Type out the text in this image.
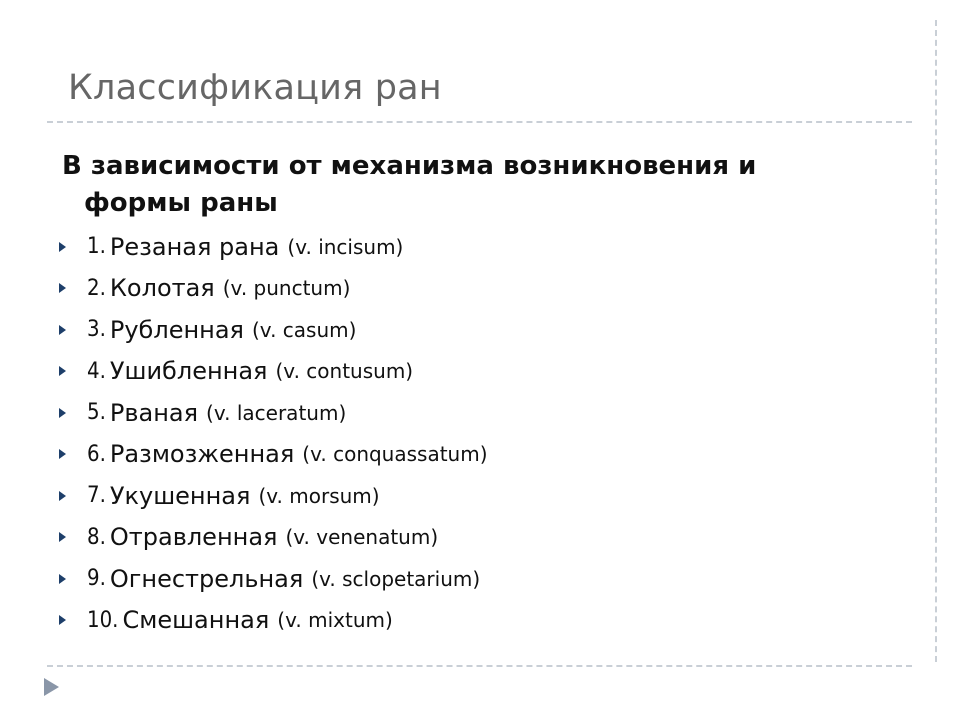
Классификация ран
В зависимости от механизма возникновения и
формы раны
1. Резаная рана (v. incisum)
2. Колотая (v. punctum)
3. Рубленная (v. casum)
4. Ушибленная (v. contusum)
5. Рваная (v. laceratum)
6. Размозженная (v. conquassatum)
7. Укушенная (v. morsum)
8. Отравленная (v. venenatum)
9. Огнестрельная (v. sclopetarium)
10. Смешанная (v. mixtum)
